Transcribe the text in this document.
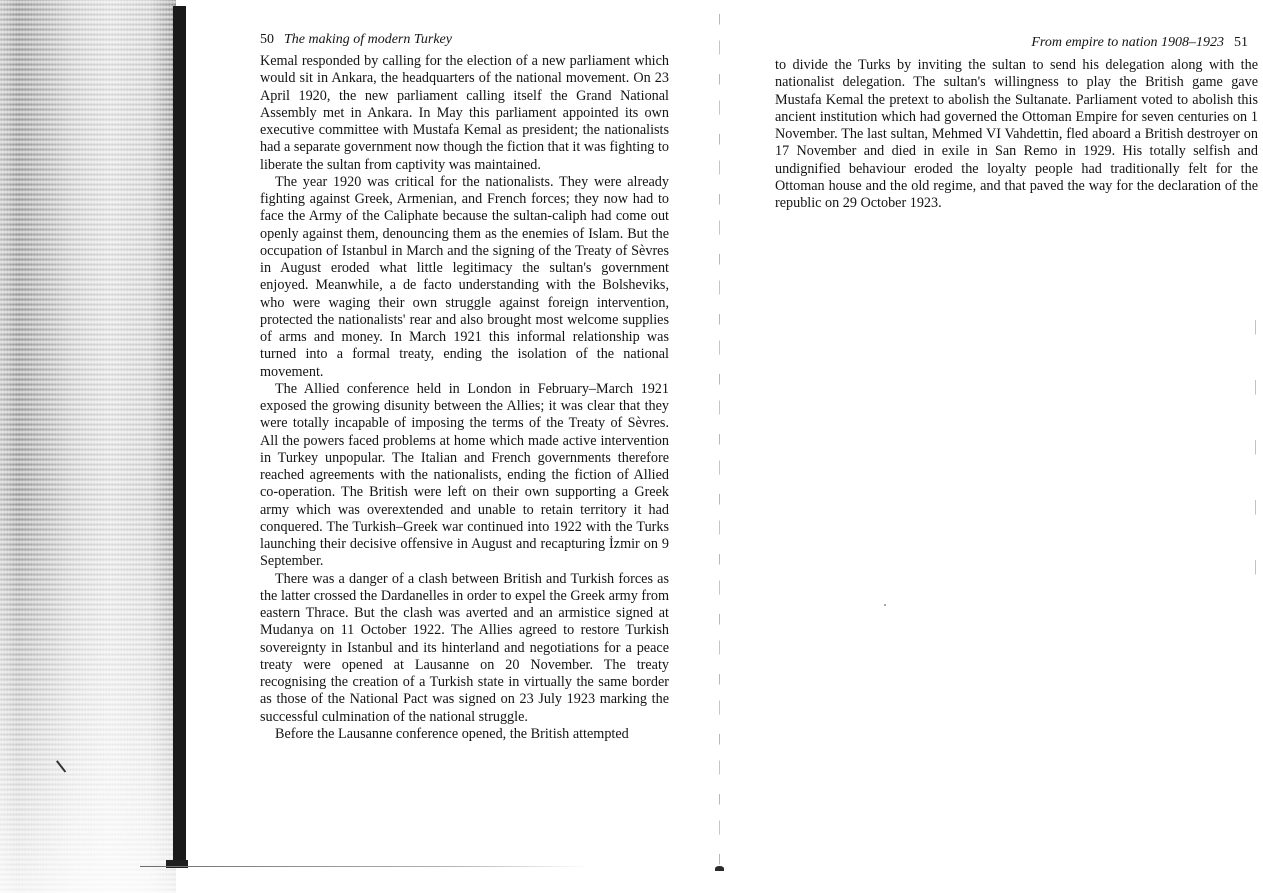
50 The making of modern Turkey

Kemal responded by calling for the election of a new parliament which would sit in Ankara, the headquarters of the national movement. On 23 April 1920, the new parliament calling itself the Grand National Assembly met in Ankara. In May this parliament appointed its own executive committee with Mustafa Kemal as president; the nationalists had a separate government now though the fiction that it was fighting to liberate the sultan from captivity was maintained.

The year 1920 was critical for the nationalists. They were already fighting against Greek, Armenian, and French forces; they now had to face the Army of the Caliphate because the sultan-caliph had come out openly against them, denouncing them as the enemies of Islam. But the occupation of Istanbul in March and the signing of the Treaty of Sèvres in August eroded what little legitimacy the sultan's government enjoyed. Meanwhile, a de facto understanding with the Bolsheviks, who were waging their own struggle against foreign intervention, protected the nationalists' rear and also brought most welcome supplies of arms and money. In March 1921 this informal relationship was turned into a formal treaty, ending the isolation of the national movement.

The Allied conference held in London in February–March 1921 exposed the growing disunity between the Allies; it was clear that they were totally incapable of imposing the terms of the Treaty of Sèvres. All the powers faced problems at home which made active intervention in Turkey unpopular. The Italian and French governments therefore reached agreements with the nationalists, ending the fiction of Allied co-operation. The British were left on their own supporting a Greek army which was overextended and unable to retain territory it had conquered. The Turkish–Greek war continued into 1922 with the Turks launching their decisive offensive in August and recapturing İzmir on 9 September.

There was a danger of a clash between British and Turkish forces as the latter crossed the Dardanelles in order to expel the Greek army from eastern Thrace. But the clash was averted and an armistice signed at Mudanya on 11 October 1922. The Allies agreed to restore Turkish sovereignty in Istanbul and its hinterland and negotiations for a peace treaty were opened at Lausanne on 20 November. The treaty recognising the creation of a Turkish state in virtually the same border as those of the National Pact was signed on 23 July 1923 marking the successful culmination of the national struggle.

Before the Lausanne conference opened, the British attempted

From empire to nation 1908–1923 51

to divide the Turks by inviting the sultan to send his delegation along with the nationalist delegation. The sultan's willingness to play the British game gave Mustafa Kemal the pretext to abolish the Sultanate. Parliament voted to abolish this ancient institution which had governed the Ottoman Empire for seven centuries on 1 November. The last sultan, Mehmed VI Vahdettin, fled aboard a British destroyer on 17 November and died in exile in San Remo in 1929. His totally selfish and undignified behaviour eroded the loyalty people had traditionally felt for the Ottoman house and the old regime, and that paved the way for the declaration of the republic on 29 October 1923.
